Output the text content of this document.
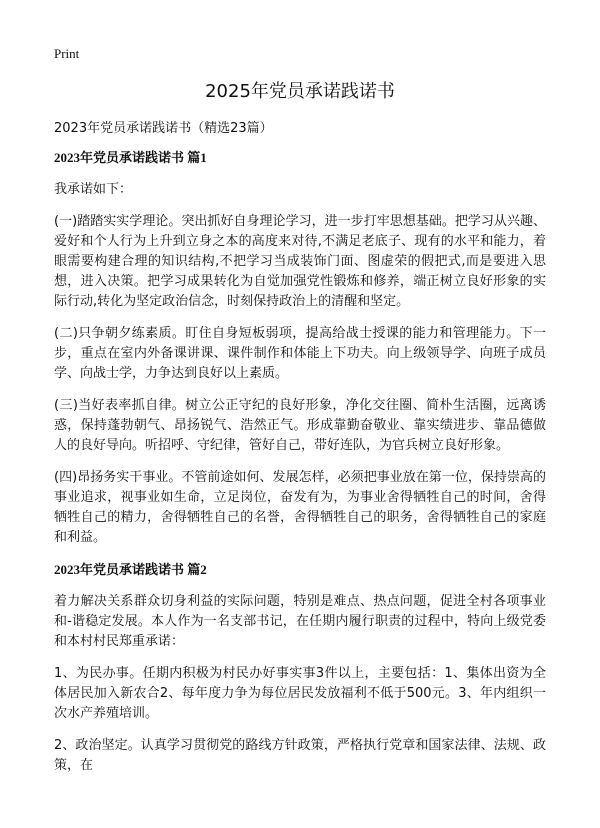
Print
2025年党员承诺践诺书

2023年党员承诺践诺书（精选23篇）

2023年党员承诺践诺书 篇1

我承诺如下：

(一)踏踏实实学理论。突出抓好自身理论学习，进一步打牢思想基础。把学习从兴趣、爱好和个人行为上升到立身之本的高度来对待,不满足老底子、现有的水平和能力，着眼需要构建合理的知识结构,不把学习当成装饰门面、图虚荣的假把式,而是要进入思想，进入决策。把学习成果转化为自觉加强党性锻炼和修养，端正树立良好形象的实际行动,转化为坚定政治信念，时刻保持政治上的清醒和坚定。

(二)只争朝夕练素质。盯住自身短板弱项，提高给战士授课的能力和管理能力。下一步，重点在室内外备课讲课、课件制作和体能上下功夫。向上级领导学、向班子成员学、向战士学，力争达到良好以上素质。

(三)当好表率抓自律。树立公正守纪的良好形象，净化交往圈、简朴生活圈，远离诱惑，保持蓬勃朝气、昂扬锐气、浩然正气。形成靠勤奋敬业、靠实绩进步、靠品德做人的良好导向。听招呼、守纪律，管好自己，带好连队，为官兵树立良好形象。

(四)昂扬务实干事业。不管前途如何、发展怎样，必须把事业放在第一位，保持崇高的事业追求，视事业如生命，立足岗位，奋发有为，为事业舍得牺牲自己的时间，舍得牺牲自己的精力，舍得牺牲自己的名誉，舍得牺牲自己的职务，舍得牺牲自己的家庭和利益。

2023年党员承诺践诺书 篇2

着力解决关系群众切身利益的实际问题，特别是难点、热点问题，促进全村各项事业和-谐稳定发展。本人作为一名支部书记，在任期内履行职责的过程中，特向上级党委和本村村民郑重承诺：

1、为民办事。任期内积极为村民办好事实事3件以上，主要包括：1、集体出资为全体居民加入新农合2、每年度力争为每位居民发放福利不低于500元。3、年内组织一次水产养殖培训。

2、政治坚定。认真学习贯彻党的路线方针政策，严格执行党章和国家法律、法规、政策，在
